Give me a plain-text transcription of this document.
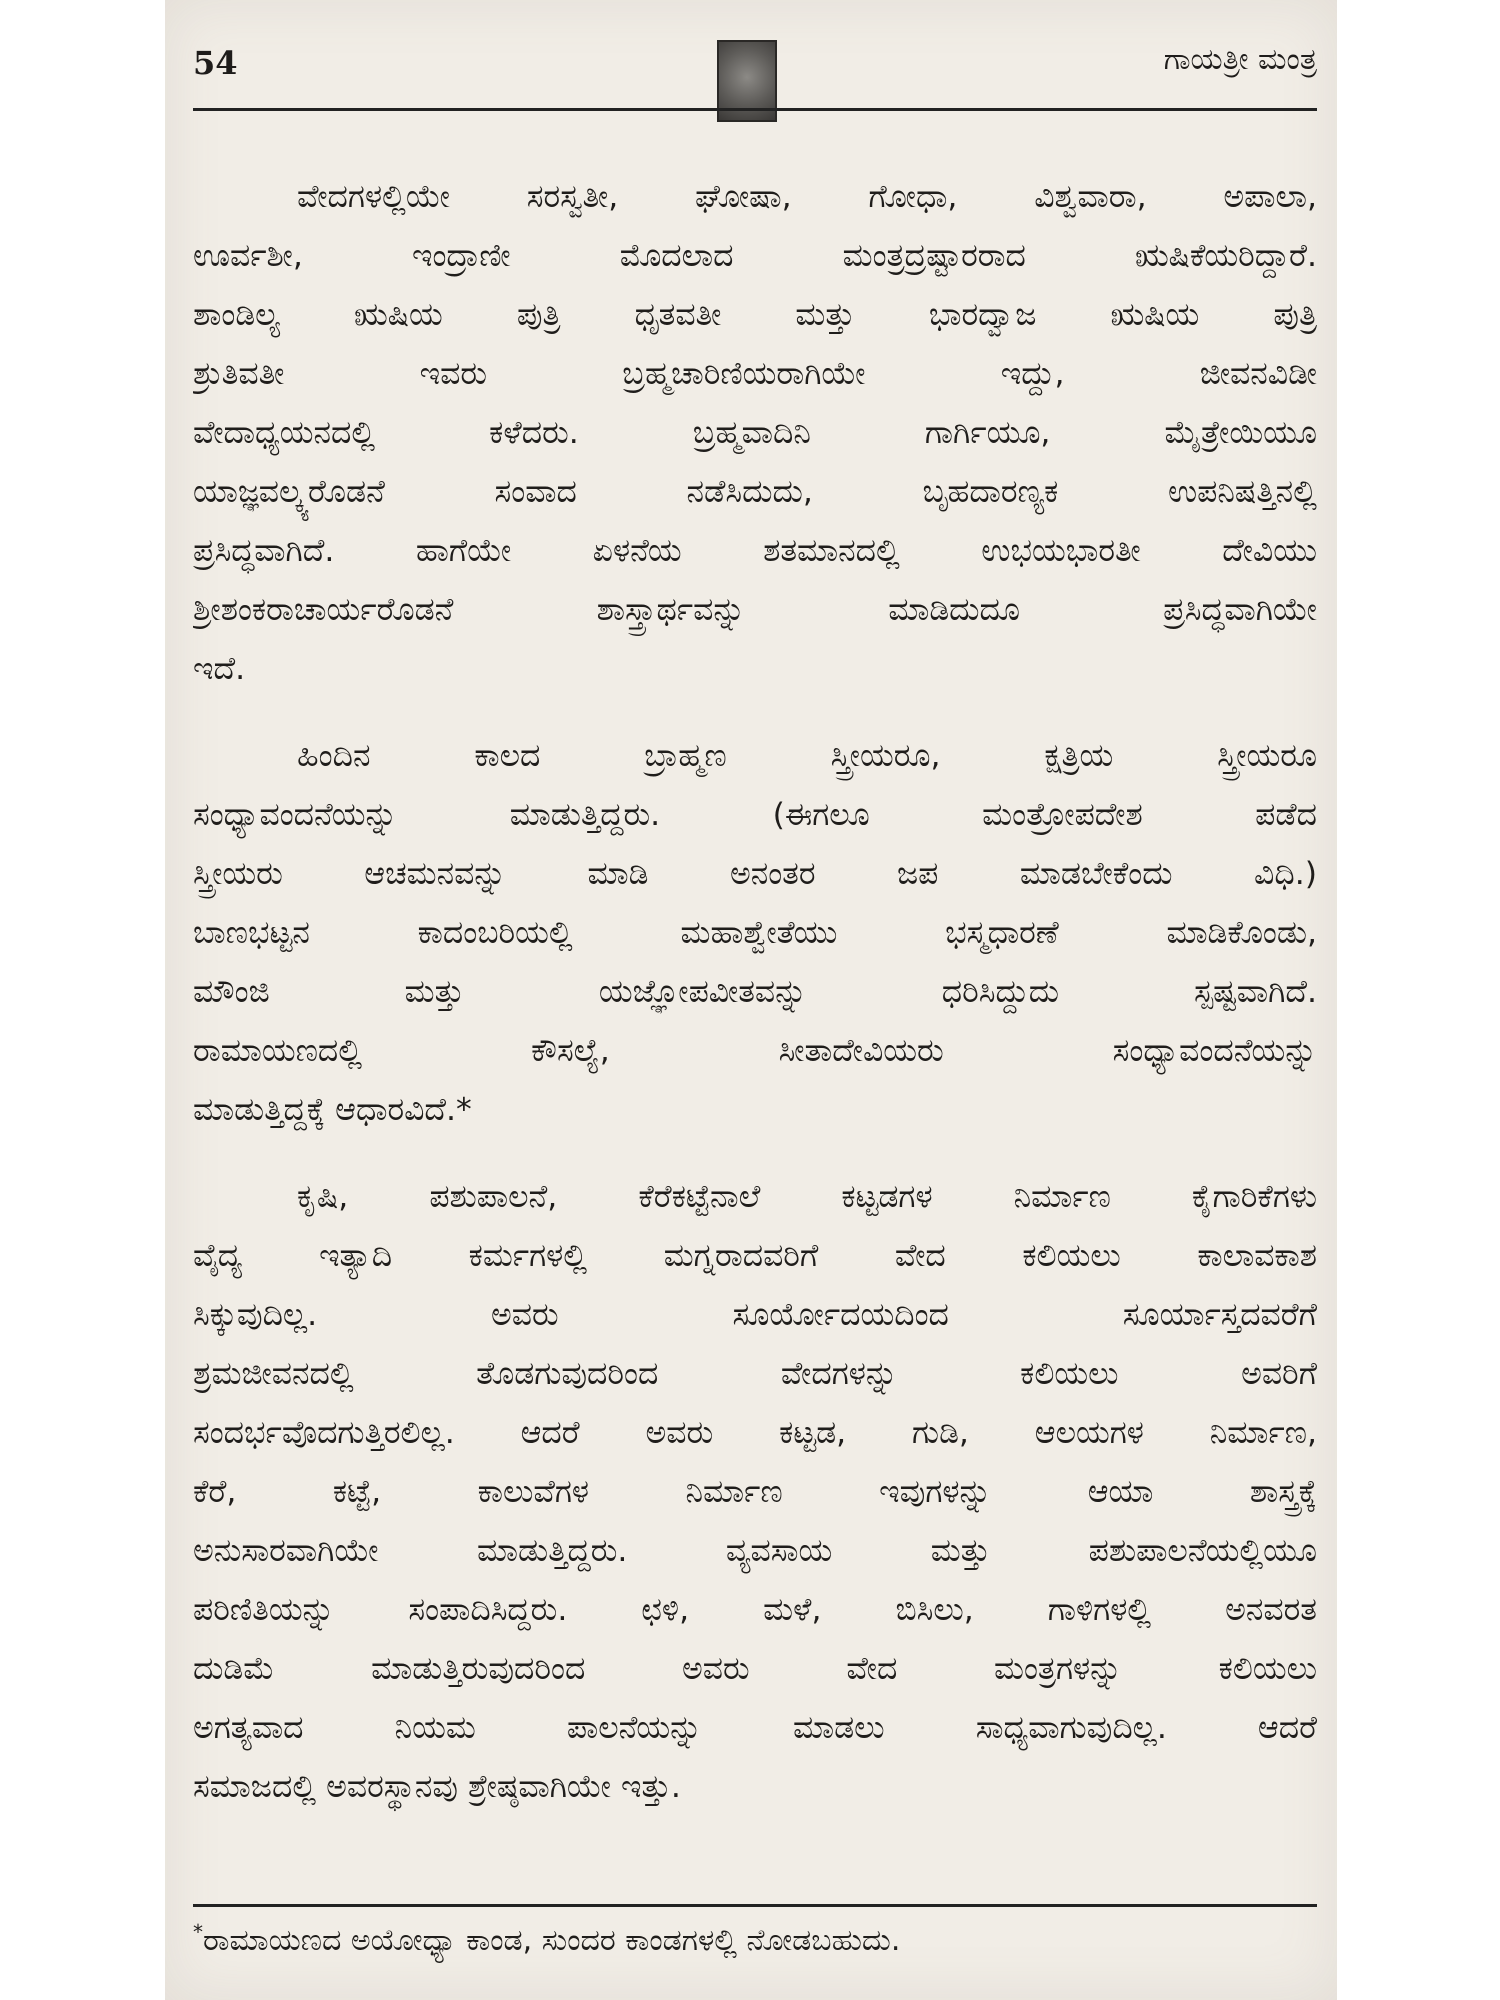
54	ಗಾಯತ್ರೀ ಮಂತ್ರ
ವೇದಗಳಲ್ಲಿಯೇ ಸರಸ್ವತೀ, ಘೋಷಾ, ಗೋಧಾ, ವಿಶ್ವವಾರಾ, ಅಪಾಲಾ,
ಊರ್ವಶೀ, ಇಂದ್ರಾಣೀ ಮೊದಲಾದ ಮಂತ್ರದ್ರಷ್ಟಾರರಾದ ಋಷಿಕೆಯರಿದ್ದಾರೆ.
ಶಾಂಡಿಲ್ಯ ಋಷಿಯ ಪುತ್ರಿ ಧೃತವತೀ ಮತ್ತು ಭಾರದ್ವಾಜ ಋಷಿಯ ಪುತ್ರಿ
ಶ್ರುತಿವತೀ ಇವರು ಬ್ರಹ್ಮಚಾರಿಣಿಯರಾಗಿಯೇ ಇದ್ದು, ಜೀವನವಿಡೀ
ವೇದಾಧ್ಯಯನದಲ್ಲಿ ಕಳೆದರು. ಬ್ರಹ್ಮವಾದಿನಿ ಗಾರ್ಗಿಯೂ, ಮೈತ್ರೇಯಿಯೂ
ಯಾಜ್ಞವಲ್ಕ್ಯರೊಡನೆ ಸಂವಾದ ನಡೆಸಿದುದು, ಬೃಹದಾರಣ್ಯಕ ಉಪನಿಷತ್ತಿನಲ್ಲಿ
ಪ್ರಸಿದ್ಧವಾಗಿದೆ. ಹಾಗೆಯೇ ಏಳನೆಯ ಶತಮಾನದಲ್ಲಿ ಉಭಯಭಾರತೀ ದೇವಿಯು
ಶ್ರೀಶಂಕರಾಚಾರ್ಯರೊಡನೆ ಶಾಸ್ತ್ರಾರ್ಥವನ್ನು ಮಾಡಿದುದೂ ಪ್ರಸಿದ್ಧವಾಗಿಯೇ
ಇದೆ.
ಹಿಂದಿನ ಕಾಲದ ಬ್ರಾಹ್ಮಣ ಸ್ತ್ರೀಯರೂ, ಕ್ಷತ್ರಿಯ ಸ್ತ್ರೀಯರೂ
ಸಂಧ್ಯಾವಂದನೆಯನ್ನು ಮಾಡುತ್ತಿದ್ದರು. (ಈಗಲೂ ಮಂತ್ರೋಪದೇಶ ಪಡೆದ
ಸ್ತ್ರೀಯರು ಆಚಮನವನ್ನು ಮಾಡಿ ಅನಂತರ ಜಪ ಮಾಡಬೇಕೆಂದು ವಿಧಿ.)
ಬಾಣಭಟ್ಟನ ಕಾದಂಬರಿಯಲ್ಲಿ ಮಹಾಶ್ವೇತೆಯು ಭಸ್ಮಧಾರಣೆ ಮಾಡಿಕೊಂಡು,
ಮೌಂಜಿ ಮತ್ತು ಯಜ್ಞೋಪವೀತವನ್ನು ಧರಿಸಿದ್ದುದು ಸ್ಪಷ್ಟವಾಗಿದೆ.
ರಾಮಾಯಣದಲ್ಲಿ ಕೌಸಲ್ಯೆ, ಸೀತಾದೇವಿಯರು ಸಂಧ್ಯಾವಂದನೆಯನ್ನು
ಮಾಡುತ್ತಿದ್ದಕ್ಕೆ ಆಧಾರವಿದೆ.*
ಕೃಷಿ, ಪಶುಪಾಲನೆ, ಕೆರೆಕಟ್ಟೆನಾಲೆ ಕಟ್ಟಡಗಳ ನಿರ್ಮಾಣ ಕೈಗಾರಿಕೆಗಳು
ವೈದ್ಯ ಇತ್ಯಾದಿ ಕರ್ಮಗಳಲ್ಲಿ ಮಗ್ನರಾದವರಿಗೆ ವೇದ ಕಲಿಯಲು ಕಾಲಾವಕಾಶ
ಸಿಕ್ಕುವುದಿಲ್ಲ. ಅವರು ಸೂರ್ಯೋದಯದಿಂದ ಸೂರ್ಯಾಸ್ತದವರೆಗೆ
ಶ್ರಮಜೀವನದಲ್ಲಿ ತೊಡಗುವುದರಿಂದ ವೇದಗಳನ್ನು ಕಲಿಯಲು ಅವರಿಗೆ
ಸಂದರ್ಭವೊದಗುತ್ತಿರಲಿಲ್ಲ. ಆದರೆ ಅವರು ಕಟ್ಟಡ, ಗುಡಿ, ಆಲಯಗಳ ನಿರ್ಮಾಣ,
ಕೆರೆ, ಕಟ್ಟೆ, ಕಾಲುವೆಗಳ ನಿರ್ಮಾಣ ಇವುಗಳನ್ನು ಆಯಾ ಶಾಸ್ತ್ರಕ್ಕೆ
ಅನುಸಾರವಾಗಿಯೇ ಮಾಡುತ್ತಿದ್ದರು. ವ್ಯವಸಾಯ ಮತ್ತು ಪಶುಪಾಲನೆಯಲ್ಲಿಯೂ
ಪರಿಣಿತಿಯನ್ನು ಸಂಪಾದಿಸಿದ್ದರು. ಛಳಿ, ಮಳೆ, ಬಿಸಿಲು, ಗಾಳಿಗಳಲ್ಲಿ ಅನವರತ
ದುಡಿಮೆ ಮಾಡುತ್ತಿರುವುದರಿಂದ ಅವರು ವೇದ ಮಂತ್ರಗಳನ್ನು ಕಲಿಯಲು
ಅಗತ್ಯವಾದ ನಿಯಮ ಪಾಲನೆಯನ್ನು ಮಾಡಲು ಸಾಧ್ಯವಾಗುವುದಿಲ್ಲ. ಆದರೆ
ಸಮಾಜದಲ್ಲಿ ಅವರಸ್ಥಾನವು ಶ್ರೇಷ್ಠವಾಗಿಯೇ ಇತ್ತು.
*ರಾಮಾಯಣದ ಅಯೋಧ್ಯಾ ಕಾಂಡ, ಸುಂದರ ಕಾಂಡಗಳಲ್ಲಿ ನೋಡಬಹುದು.
